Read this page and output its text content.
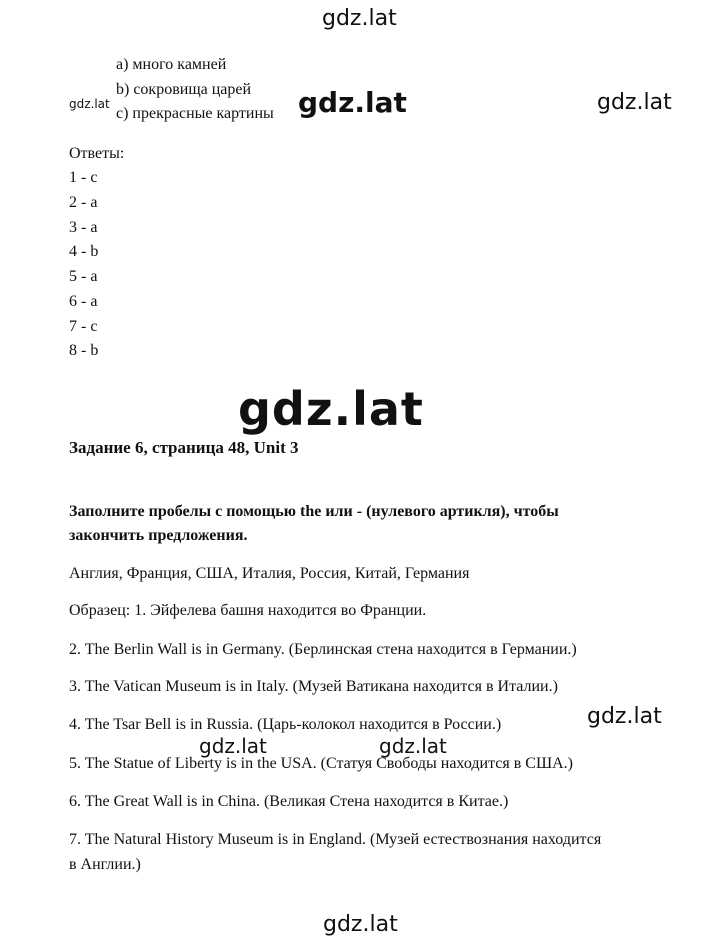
gdz.lat
a) много камней
b) сокровища царей
c) прекрасные картины
gdz.lat	gdz.lat	gdz.lat
Ответы:
1 - c
2 - a
3 - a
4 - b
5 - a
6 - a
7 - c
8 - b
gdz.lat
Задание 6, страница 48, Unit 3
Заполните пробелы с помощью the или - (нулевого артикля), чтобы
закончить предложения.
Англия, Франция, США, Италия, Россия, Китай, Германия
Образец: 1. Эйфелева башня находится во Франции.
2. The Berlin Wall is in Germany. (Берлинская стена находится в Германии.)
3. The Vatican Museum is in Italy. (Музей Ватикана находится в Италии.)
4. The Tsar Bell is in Russia. (Царь-колокол находится в России.)
5. The Statue of Liberty is in the USA. (Статуя Свободы находится в США.)
6. The Great Wall is in China. (Великая Стена находится в Китае.)
7. The Natural History Museum is in England. (Музей естествознания находится
в Англии.)
gdz.lat
gdz.lat	gdz.lat
gdz.lat
